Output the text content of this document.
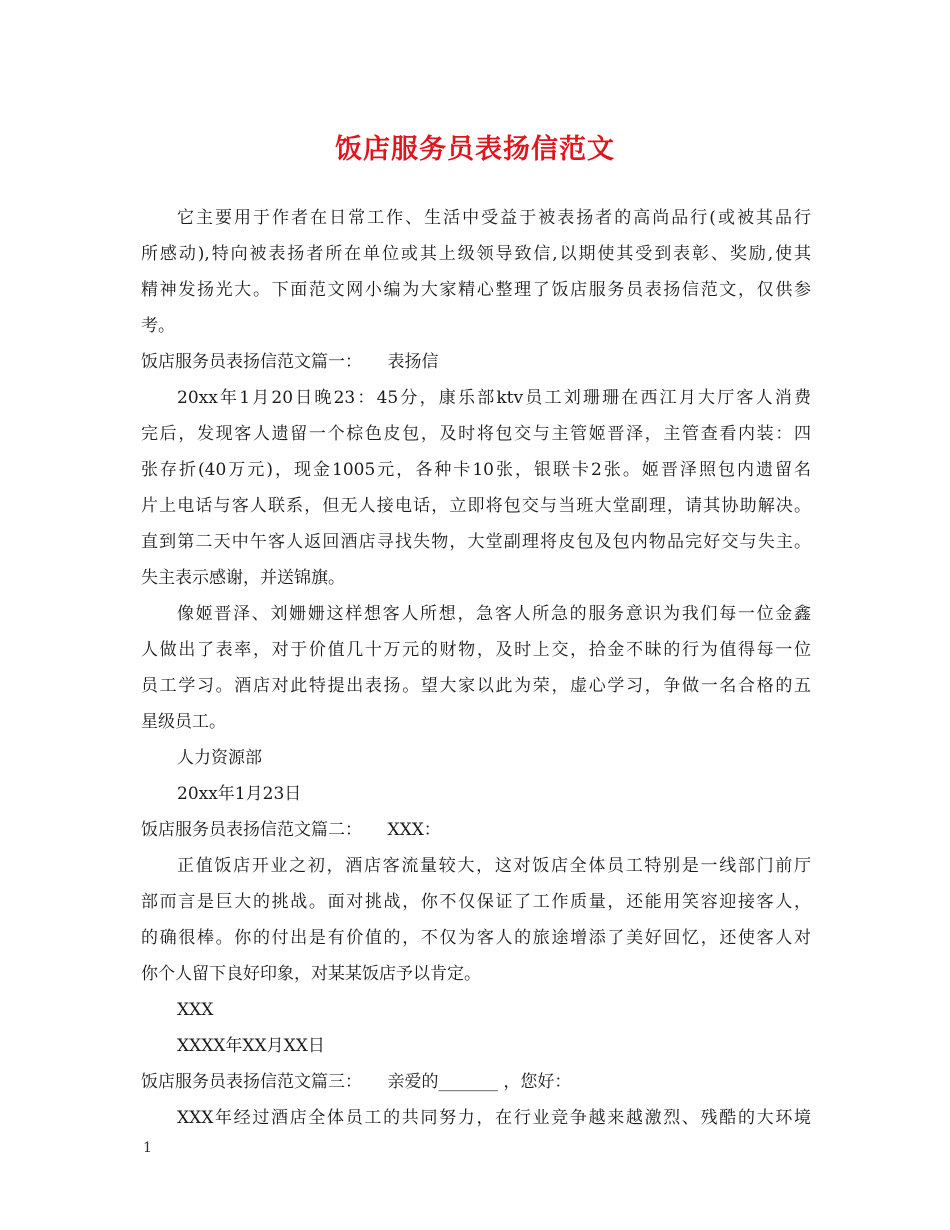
饭店服务员表扬信范文
它主要用于作者在日常工作、生活中受益于被表扬者的高尚品行(或被其品行
所感动),特向被表扬者所在单位或其上级领导致信,以期使其受到表彰、奖励,使其
精神发扬光大。下面范文网小编为大家精心整理了饭店服务员表扬信范文，仅供参
考。
饭店服务员表扬信范文篇一：　　表扬信
20xx年1月20日晚23：45分，康乐部ktv员工刘珊珊在西江月大厅客人消费
完后，发现客人遗留一个棕色皮包，及时将包交与主管姬晋泽，主管查看内装：四
张存折(40万元)，现金1005元，各种卡10张，银联卡2张。姬晋泽照包内遗留名
片上电话与客人联系，但无人接电话，立即将包交与当班大堂副理，请其协助解决。
直到第二天中午客人返回酒店寻找失物，大堂副理将皮包及包内物品完好交与失主。
失主表示感谢，并送锦旗。
像姬晋泽、刘姗姗这样想客人所想，急客人所急的服务意识为我们每一位金鑫
人做出了表率，对于价值几十万元的财物，及时上交，拾金不昧的行为值得每一位
员工学习。酒店对此特提出表扬。望大家以此为荣，虚心学习，争做一名合格的五
星级员工。
人力资源部
20xx年1月23日
饭店服务员表扬信范文篇二：　　XXX：
正值饭店开业之初，酒店客流量较大，这对饭店全体员工特别是一线部门前厅
部而言是巨大的挑战。面对挑战，你不仅保证了工作质量，还能用笑容迎接客人，
的确很棒。你的付出是有价值的，不仅为客人的旅途增添了美好回忆，还使客人对
你个人留下良好印象，对某某饭店予以肯定。
XXX
XXXX年XX月XX日
饭店服务员表扬信范文篇三：　　亲爱的_______ ，您好：
XXX年经过酒店全体员工的共同努力，在行业竞争越来越激烈、残酷的大环境
1
